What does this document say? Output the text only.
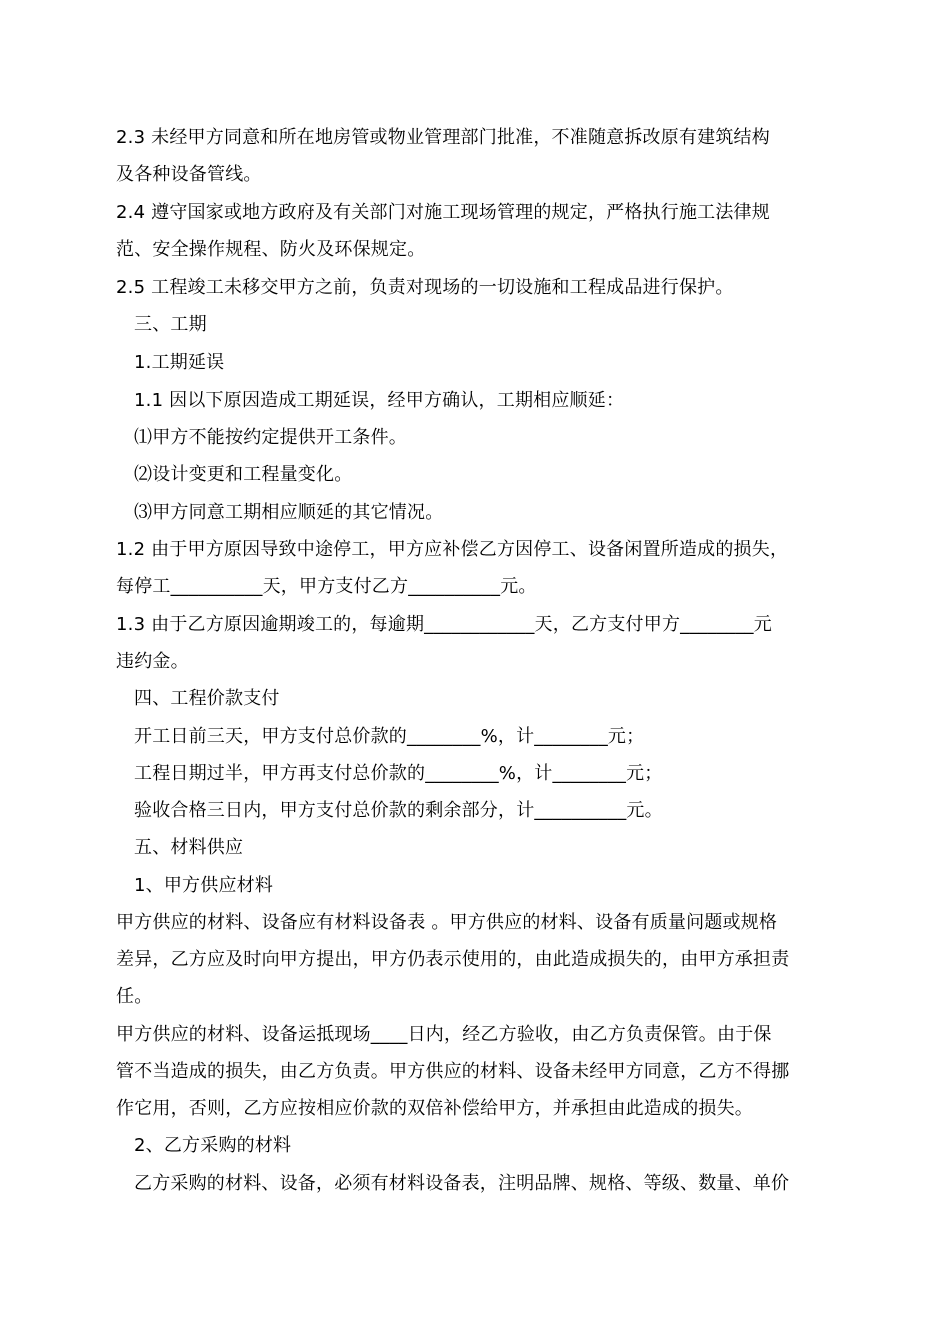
2.3 未经甲方同意和所在地房管或物业管理部门批准，不准随意拆改原有建筑结构
及各种设备管线。
2.4 遵守国家或地方政府及有关部门对施工现场管理的规定，严格执行施工法律规
范、安全操作规程、防火及环保规定。
2.5 工程竣工未移交甲方之前，负责对现场的一切设施和工程成品进行保护。
三、工期
1.工期延误
1.1 因以下原因造成工期延误，经甲方确认，工期相应顺延：
⑴甲方不能按约定提供开工条件。
⑵设计变更和工程量变化。
⑶甲方同意工期相应顺延的其它情况。
1.2 由于甲方原因导致中途停工，甲方应补偿乙方因停工、设备闲置所造成的损失，
每停工__________天，甲方支付乙方__________元。
1.3 由于乙方原因逾期竣工的，每逾期____________天，乙方支付甲方________元
违约金。
四、工程价款支付
开工日前三天，甲方支付总价款的________%，计________元；
工程日期过半，甲方再支付总价款的________%，计________元；
验收合格三日内，甲方支付总价款的剩余部分，计__________元。
五、材料供应
1、甲方供应材料
甲方供应的材料、设备应有材料设备表 。甲方供应的材料、设备有质量问题或规格
差异，乙方应及时向甲方提出，甲方仍表示使用的，由此造成损失的，由甲方承担责
任。
甲方供应的材料、设备运抵现场____日内，经乙方验收，由乙方负责保管。由于保
管不当造成的损失，由乙方负责。甲方供应的材料、设备未经甲方同意，乙方不得挪
作它用，否则，乙方应按相应价款的双倍补偿给甲方，并承担由此造成的损失。
2、乙方采购的材料
乙方采购的材料、设备，必须有材料设备表，注明品牌、规格、等级、数量、单价
